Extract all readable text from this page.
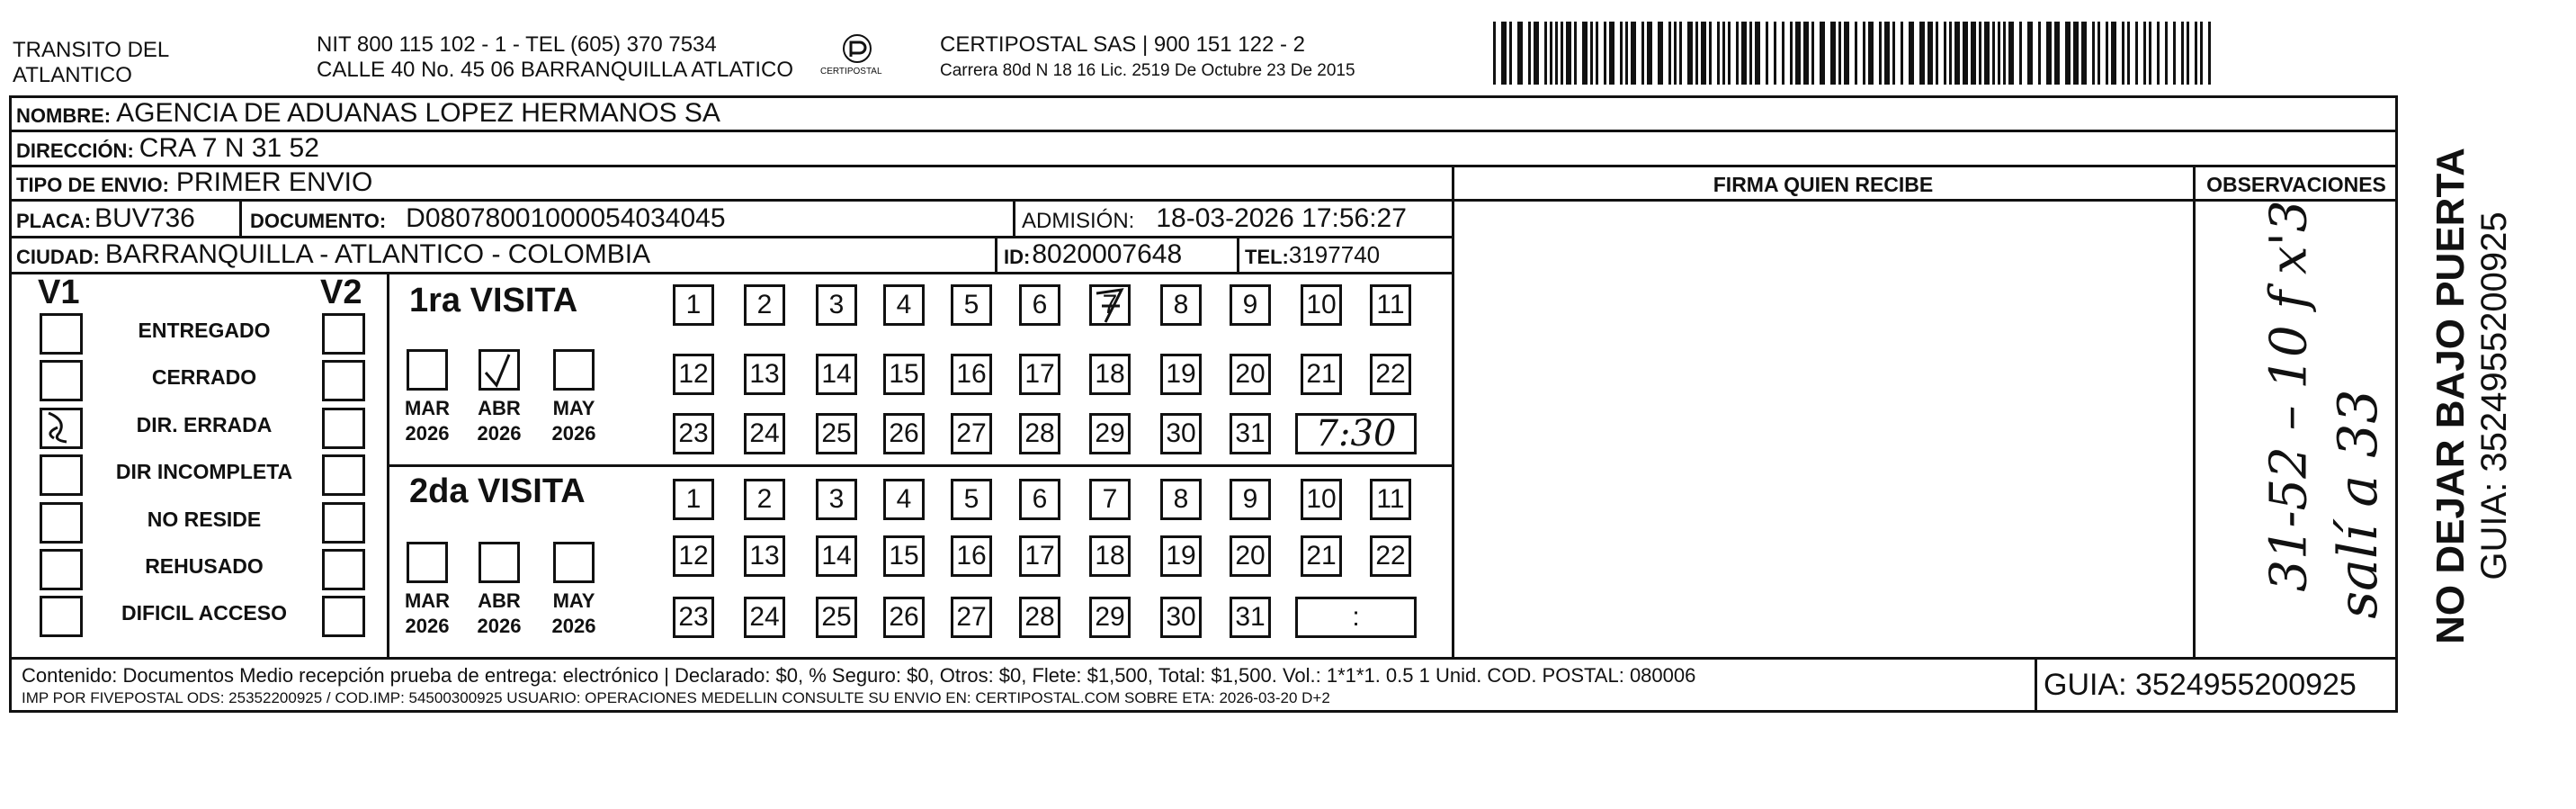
TRANSITO DEL
ATLANTICO
NIT 800 115 102 - 1 - TEL (605) 370 7534
CALLE 40 No. 45 06 BARRANQUILLA ATLATICO	CERTIPOSTAL
CERTIPOSTAL SAS | 900 151 122 - 2
Carrera 80d N 18 16 Lic. 2519 De Octubre 23 De 2015
NOMBRE: AGENCIA DE ADUANAS LOPEZ HERMANOS SA
DIRECCIÓN: CRA 7 N 31 52
TIPO DE ENVIO: PRIMER ENVIO
PLACA: BUV736	DOCUMENTO: D08078001000054034045	ADMISIÓN: 18-03-2026 17:56:27
CIUDAD: BARRANQUILLA - ATLANTICO - COLOMBIA	ID: 8020007648	TEL: 3197740
FIRMA QUIEN RECIBE	OBSERVACIONES
31-52 – 10 f x'3 salí a 33
V1	V2
ENTREGADO
CERRADO
DIR. ERRADA
DIR INCOMPLETA
NO RESIDE
REHUSADO
DIFICIL ACCESO
1ra VISITA
2da VISITA
1	2	3	4	5	6	7	8	9	10 11
12 13 14 15 16 17 18 19 20 21 22
23 24 25 26 27 28 29 30 31 7:30
MAR
2026
ABR
2026
MAY
2026
1	2	3	4	5	6	7	8	9	10 11
12 13 14 15 16 17 18 19 20 21 22
23 24 25 26 27 28 29 30 31	:
MAR
2026
ABR
2026
MAY
2026
Contenido: Documentos Medio recepción prueba de entrega: electrónico | Declarado: $0, % Seguro: $0, Otros: $0, Flete: $1,500, Total: $1,500. Vol.: 1*1*1. 0.5 1 Unid. COD. POSTAL: 080006
IMP POR FIVEPOSTAL ODS: 25352200925 / COD.IMP: 54500300925 USUARIO: OPERACIONES MEDELLIN CONSULTE SU ENVIO EN: CERTIPOSTAL.COM SOBRE ETA: 2026-03-20 D+2	GUIA: 3524955200925
NO DEJAR BAJO PUERTA GUIA: 3524955200925
